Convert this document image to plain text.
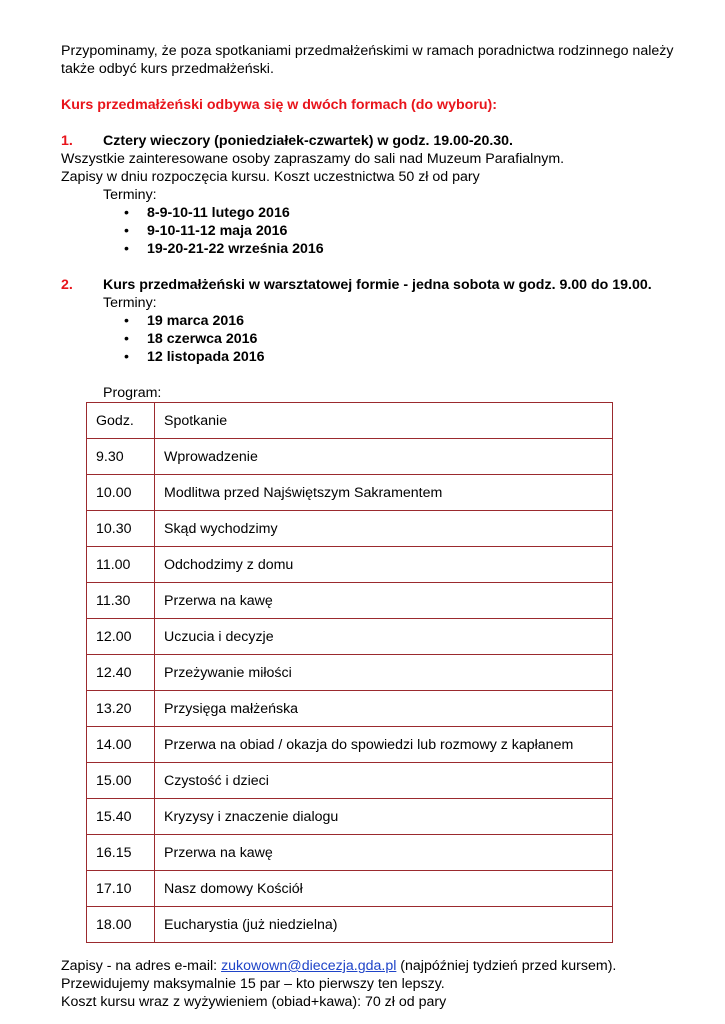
Przypominamy, że poza spotkaniami przedmałżeńskimi w ramach poradnictwa rodzinnego należy także odbyć kurs przedmałżeński.

Kurs przedmałżeński odbywa się w dwóch formach (do wyboru):

1. Cztery wieczory (poniedziałek-czwartek) w godz. 19.00-20.30.

Wszystkie zainteresowane osoby zapraszamy do sali nad Muzeum Parafialnym.

Zapisy w dniu rozpoczęcia kursu. Koszt uczestnictwa 50 zł od pary

Terminy:
• 8-9-10-11 lutego 2016
• 9-10-11-12 maja 2016
• 19-20-21-22 września 2016
2. Kurs przedmałżeński w warsztatowej formie - jedna sobota w godz. 9.00 do 19.00.
Terminy:
• 19 marca 2016
• 18 czerwca 2016
• 12 listopada 2016
Program:
Godz.	Spotkanie
9.30	Wprowadzenie
10.00	Modlitwa przed Najświętszym Sakramentem
10.30	Skąd wychodzimy
11.00	Odchodzimy z domu
11.30	Przerwa na kawę
12.00	Uczucia i decyzje
12.40	Przeżywanie miłości
13.20	Przysięga małżeńska
14.00	Przerwa na obiad / okazja do spowiedzi lub rozmowy z kapłanem
15.00	Czystość i dzieci
15.40	Kryzysy i znaczenie dialogu
16.15	Przerwa na kawę
17.10	Nasz domowy Kościół
18.00	Eucharystia (już niedzielna)

Zapisy - na adres e-mail: zukowown@diecezja.gda.pl (najpóźniej tydzień przed kursem).

Przewidujemy maksymalnie 15 par – kto pierwszy ten lepszy.

Koszt kursu wraz z wyżywieniem (obiad+kawa): 70 zł od pary
